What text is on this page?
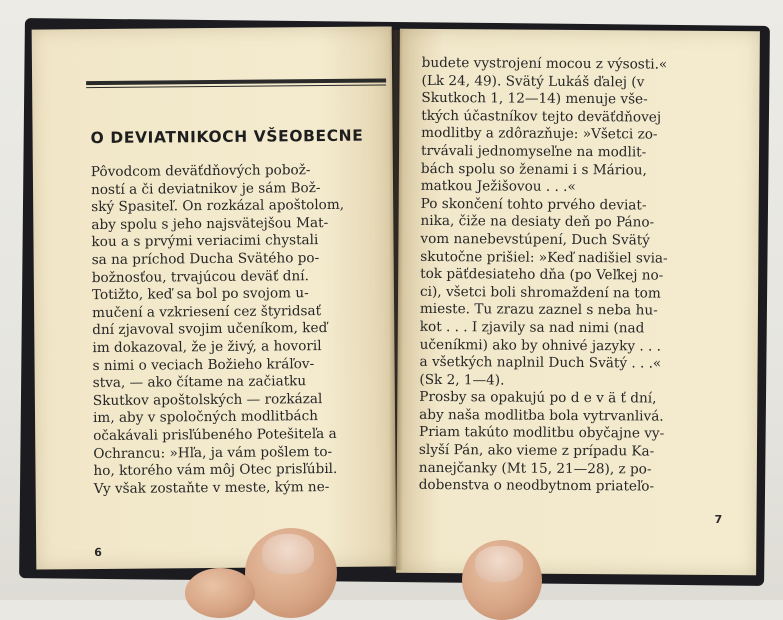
O DEVIATNIKOCH VŠEOBECNE
Pôvodcom deväťdňových pobož-
ností a či deviatnikov je sám Bož-
ský Spasiteľ. On rozkázal apoštolom,
aby spolu s jeho najsvätejšou Mat-
kou a s prvými veriacimi chystali
sa na príchod Ducha Svätého po-
božnosťou, trvajúcou deväť dní.
Totižto, keď sa bol po svojom u-
mučení a vzkriesení cez štyridsať
dní zjavoval svojim učeníkom, keď
im dokazoval, že je živý, a hovoril
s nimi o veciach Božieho kráľov-
stva, — ako čítame na začiatku
Skutkov apoštolských — rozkázal
im, aby v spoločných modlitbách
očakávali prisľúbeného Potešiteľa a
Ochrancu: »Hľa, ja vám pošlem to-
ho, ktorého vám môj Otec prisľúbil.
Vy však zostaňte v meste, kým ne-
6
budete vystrojení mocou z výsosti.«
(Lk 24, 49). Svätý Lukáš ďalej (v
Skutkoch 1, 12—14) menuje vše-
tkých účastníkov tejto deväťdňovej
modlitby a zdôrazňuje: »Všetci zo-
trvávali jednomyseľne na modlit-
bách spolu so ženami i s Máriou,
matkou Ježišovou . . .«
Po skončení tohto prvého deviat-
nika, čiže na desiaty deň po Páno-
vom nanebevstúpení, Duch Svätý
skutočne prišiel: »Keď nadišiel svia-
tok päťdesiateho dňa (po Veľkej no-
ci), všetci boli shromaždení na tom
mieste. Tu zrazu zaznel s neba hu-
kot . . . I zjavily sa nad nimi (nad
učeníkmi) ako by ohnivé jazyky . . .
a všetkých naplnil Duch Svätý . . .«
(Sk 2, 1—4).
Prosby sa opakujú po d e v ä ť dní,
aby naša modlitba bola vytrvanlivá.
Priam takúto modlitbu obyčajne vy-
slyší Pán, ako vieme z prípadu Ka-
nanejčanky (Mt 15, 21—28), z po-
dobenstva o neodbytnom priateľo-
7
